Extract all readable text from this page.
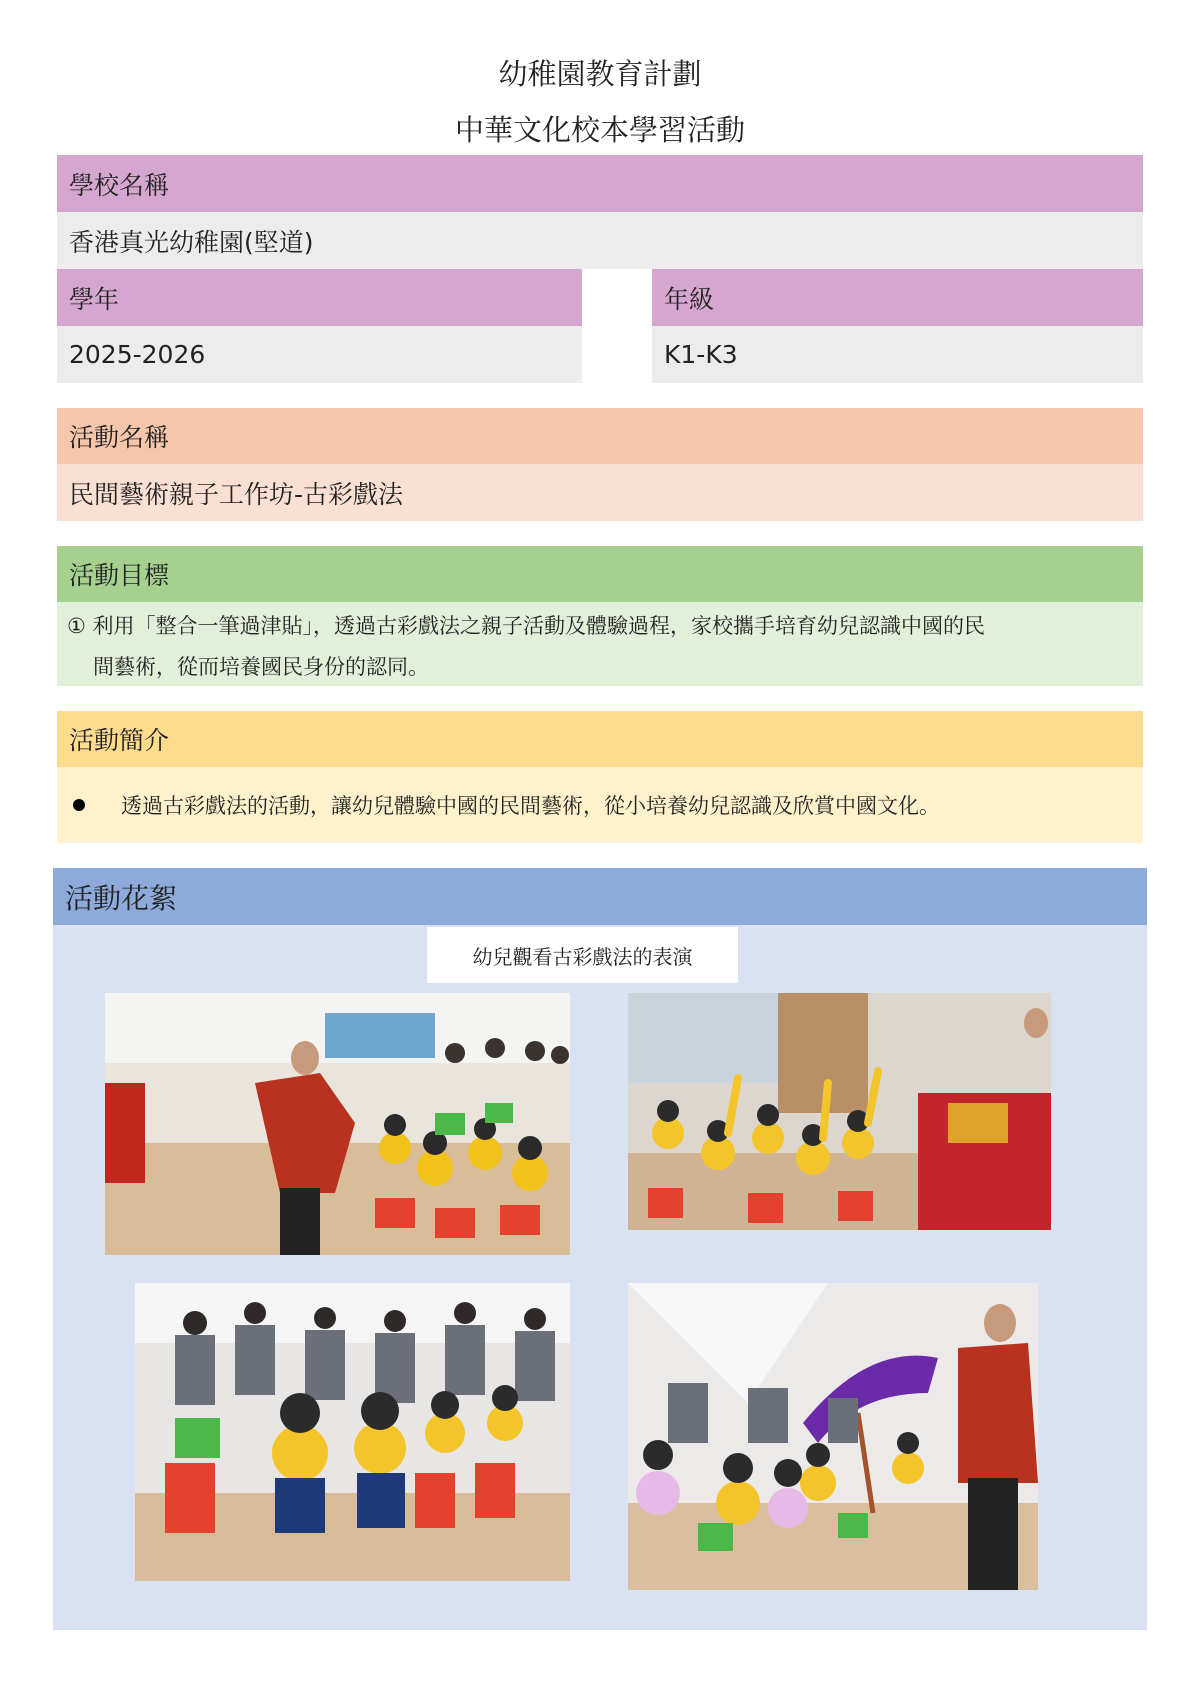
幼稚園教育計劃
中華文化校本學習活動
學校名稱
香港真光幼稚園(堅道)
學年	年級
2025-2026	K1-K3
活動名稱
民間藝術親子工作坊-古彩戲法
活動目標
① 利用「整合一筆過津貼」，透過古彩戲法之親子活動及體驗過程，家校攜手培育幼兒認識中國的民
間藝術，從而培養國民身份的認同。
活動簡介
透過古彩戲法的活動，讓幼兒體驗中國的民間藝術，從小培養幼兒認識及欣賞中國文化。
活動花絮
幼兒觀看古彩戲法的表演
